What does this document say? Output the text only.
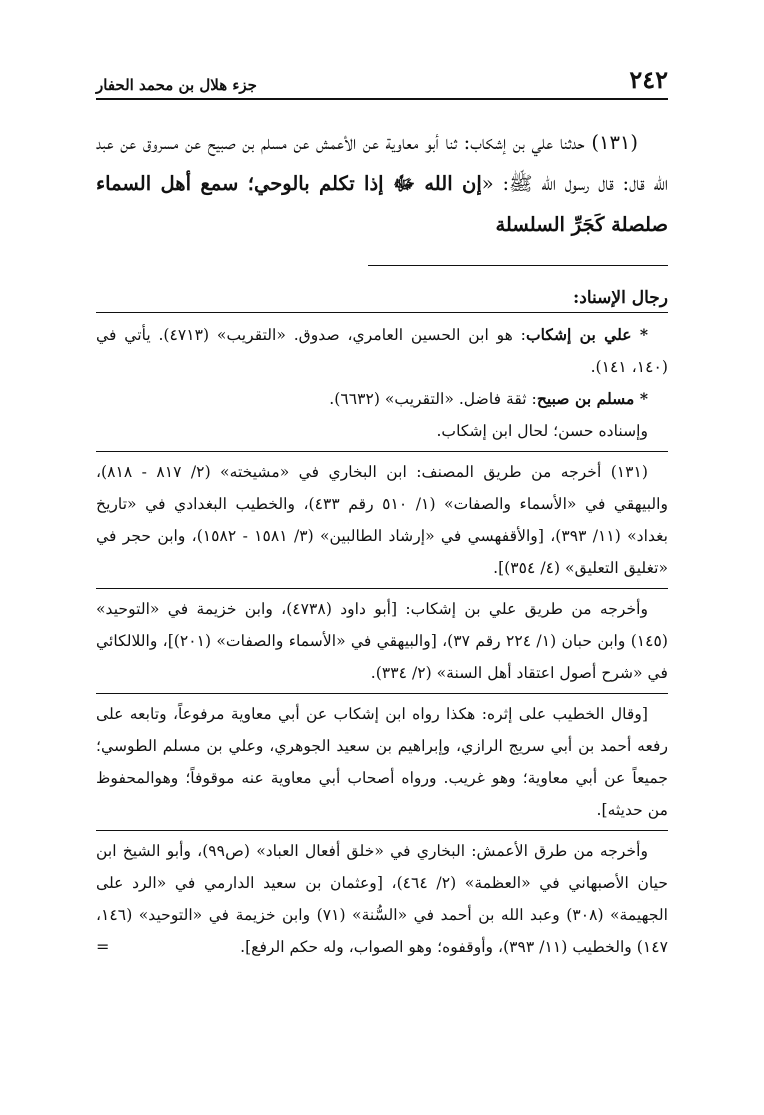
٢٤٢
جزء هلال بن محمد الحفار

(١٣١) حدثنا علي بن إشكاب: ثنا أبو معاوية عن الأعمش عن مسلم بن صبيح عن مسروق عن عبد الله قال: قال رسول الله ﷺ: «إن الله ﷻ إذا تكلم بالوحي؛ سمع أهل السماء صلصلة كَجَرِّ السلسلة

رجال الإسناد:

* علي بن إشكاب: هو ابن الحسين العامري، صدوق. «التقريب» (٤٧١٣). يأتي في (١٤٠، ١٤١).

* مسلم بن صبيح: ثقة فاضل. «التقريب» (٦٦٣٢).

وإسناده حسن؛ لحال ابن إشكاب.

(١٣١) أخرجه من طريق المصنف: ابن البخاري في «مشيخته» (٢/ ٨١٧ - ٨١٨)، والبيهقي في «الأسماء والصفات» (١/ ٥١٠ رقم ٤٣٣)، والخطيب البغدادي في «تاريخ بغداد» (١١/ ٣٩٣)، [والأقفهسي في «إرشاد الطالبين» (٣/ ١٥٨١ - ١٥٨٢)، وابن حجر في «تغليق التعليق» (٤/ ٣٥٤)].

وأخرجه من طريق علي بن إشكاب: [أبو داود (٤٧٣٨)، وابن خزيمة في «التوحيد» (١٤٥) وابن حبان (١/ ٢٢٤ رقم ٣٧)، [والبيهقي في «الأسماء والصفات» (٢٠١)]، واللالكائي في «شرح أصول اعتقاد أهل السنة» (٢/ ٣٣٤).

[وقال الخطيب على إثره: هكذا رواه ابن إشكاب عن أبي معاوية مرفوعاً، وتابعه على رفعه أحمد بن أبي سريج الرازي، وإبراهيم بن سعيد الجوهري، وعلي بن مسلم الطوسي؛ جميعاً عن أبي معاوية؛ وهو غريب. ورواه أصحاب أبي معاوية عنه موقوفاً؛ وهوالمحفوظ من حديثه].

وأخرجه من طرق الأعمش: البخاري في «خلق أفعال العباد» (ص٩٩)، وأبو الشيخ ابن حيان الأصبهاني في «العظمة» (٢/ ٤٦٤)، [وعثمان بن سعيد الدارمي في «الرد على الجهيمة» (٣٠٨) وعبد الله بن أحمد في «السُّنة» (٧١) وابن خزيمة في «التوحيد» (١٤٦، ١٤٧) والخطيب (١١/ ٣٩٣)، وأوقفوه؛ وهو الصواب، وله حكم الرفع].
=
